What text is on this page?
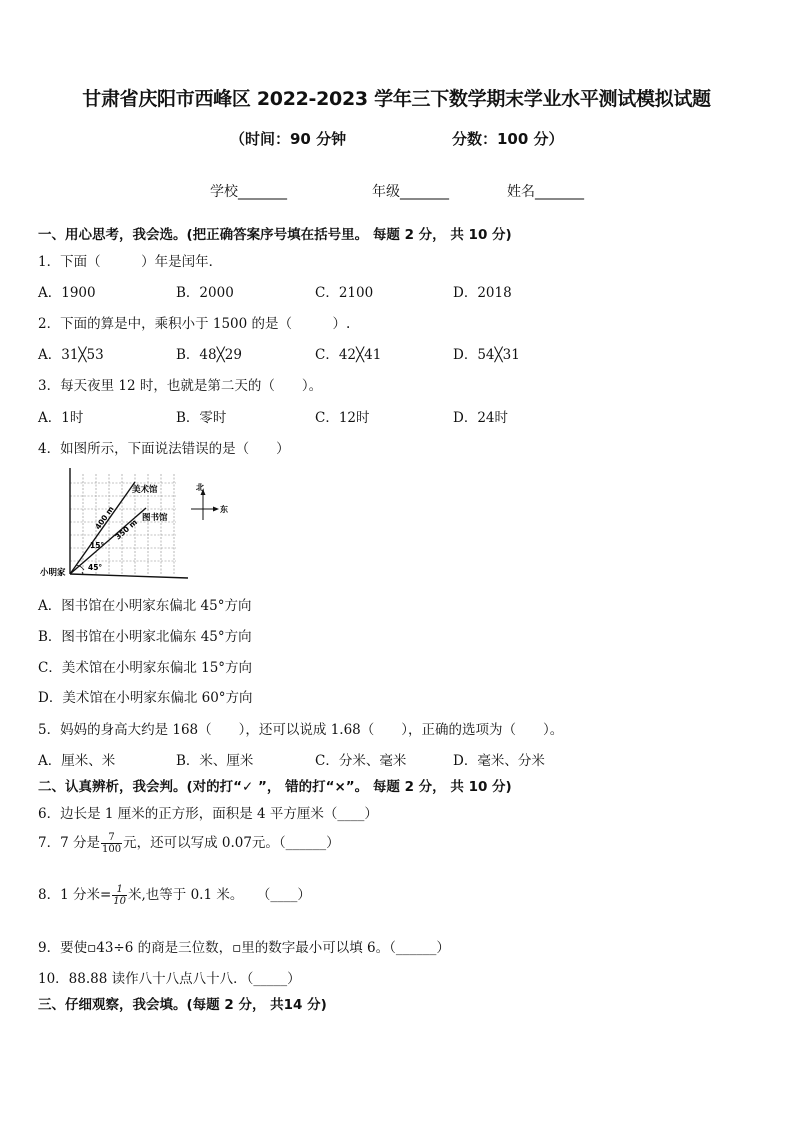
甘肃省庆阳市西峰区 2022-2023 学年三下数学期末学业水平测试模拟试题
（时间：90 分钟	分数：100 分）
学校_______	年级_______	姓名_______
一、用心思考，我会选。(把正确答案序号填在括号里。 每题 2 分， 共 10 分)
1．下面（　　　）年是闰年．
A．1900	B．2000	C．2100	D．2018
2．下面的算是中，乘积小于 1500 的是（　　　）.
A．31╳53	B．48╳29	C．42╳41	D．54╳31
3．每天夜里 12 时，也就是第二天的（　　）。
A．1时	B．零时	C．12时	D．24时
4．如图所示，下面说法错误的是（　　）
美术馆
图书馆
小明家
400 m
350 m
15°
45°
北
东
A．图书馆在小明家东偏北 45°方向
B．图书馆在小明家北偏东 45°方向
C．美术馆在小明家东偏北 15°方向
D．美术馆在小明家东偏北 60°方向
5．妈妈的身高大约是 168（　　），还可以说成 1.68（　　），正确的选项为（　　）。
A．厘米、米	B．米、厘米	C．分米、毫米	D．毫米、分米
二、认真辨析，我会判。(对的打“✓ ”， 错的打“×”。 每题 2 分， 共 10 分)
6．边长是 1 厘米的正方形，面积是 4 平方厘米（____）
7．7 分是 $\frac{7}{100}$ 元，还可以写成 0.07元。（______）
8．1 分米= $\frac{1}{10}$ 米,也等于 0.1 米。　　（____）
9．要使▫43÷6 的商是三位数，▫里的数字最小可以填 6。（______）
10．88.88 读作八十八点八十八．（_____）
三、仔细观察，我会填。(每题 2 分， 共14 分)
